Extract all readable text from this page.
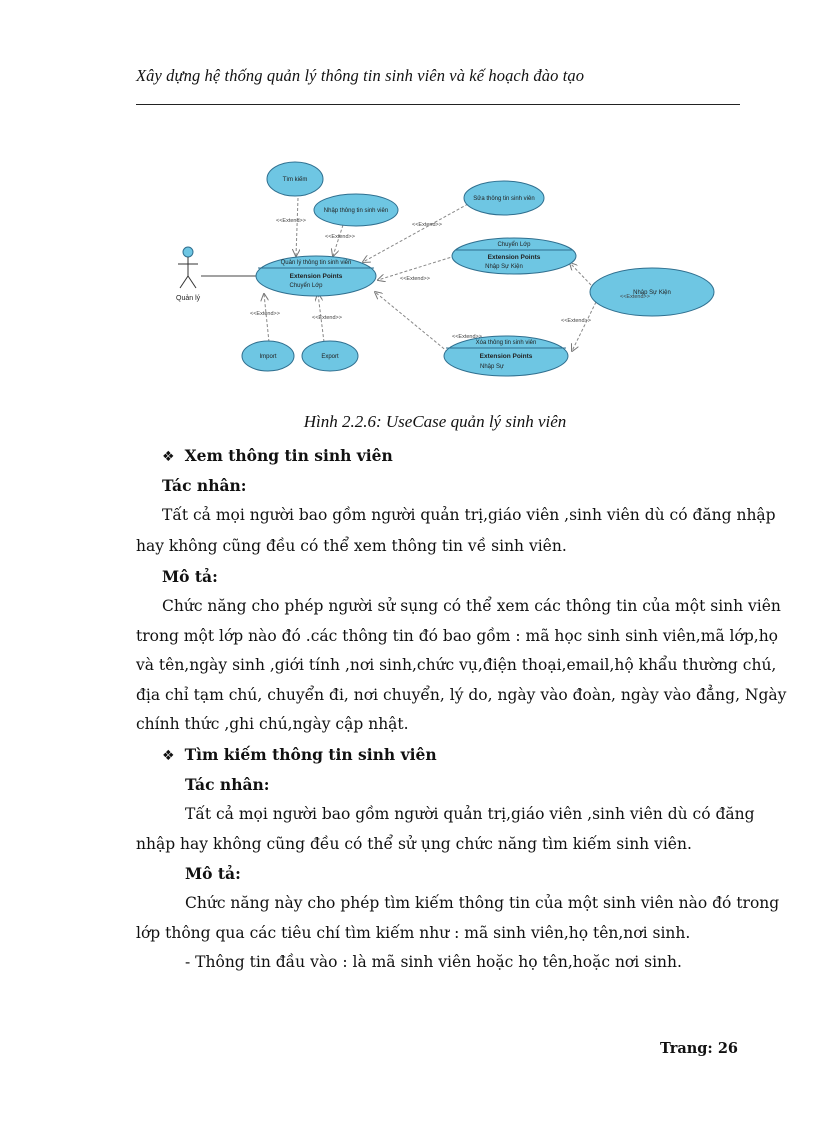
Xây dựng hệ thống quản lý thông tin sinh viên và kế hoạch đào tạo
Quản lý
Quản lý thông tin sinh viên
Extension Points
Chuyển Lớp
Tìm kiếm
Nhập thông tin sinh viên
Sửa thông tin sinh viên
Chuyển Lớp
Extension Points
Nhập Sự Kiện
Nhập Sự Kiện
Xóa thông tin sinh viên
Extension Points
Nhập Sự
Import	Export
<<Extend>>
<<Extend>>
<<Extend>>
<<Extend>>
<<Extend>>
<<Extend>>
<<Extend>>
<<Extend>>
<<Extend>>
Hình 2.2.6: UseCase quản lý sinh viên
❖ Xem thông tin sinh viên
Tác nhân:
Tất cả mọi người bao gồm người quản trị,giáo viên ,sinh viên dù có đăng nhập
hay không cũng đều có thể xem thông tin về sinh viên.
Mô tả:
Chức năng cho phép người sử sụng có thể xem các thông tin của một sinh viên
trong một lớp nào đó .các thông tin đó bao gồm : mã học sinh sinh viên,mã lớp,họ
và tên,ngày sinh ,giới tính ,nơi sinh,chức vụ,điện thoại,email,hộ khẩu thường chú,
địa chỉ tạm chú, chuyển đi, nơi chuyển, lý do, ngày vào đoàn, ngày vào đẳng, Ngày
chính thức ,ghi chú,ngày cập nhật.
❖ Tìm kiếm thông tin sinh viên
Tác nhân:
Tất cả mọi người bao gồm người quản trị,giáo viên ,sinh viên dù có đăng
nhập hay không cũng đều có thể sử ụng chức năng tìm kiếm sinh viên.
Mô tả:
Chức năng này cho phép tìm kiếm thông tin của một sinh viên nào đó trong
lớp thông qua các tiêu chí tìm kiếm như : mã sinh viên,họ tên,nơi sinh.
- Thông tin đầu vào : là mã sinh viên hoặc họ tên,hoặc nơi sinh.
Trang: 26
